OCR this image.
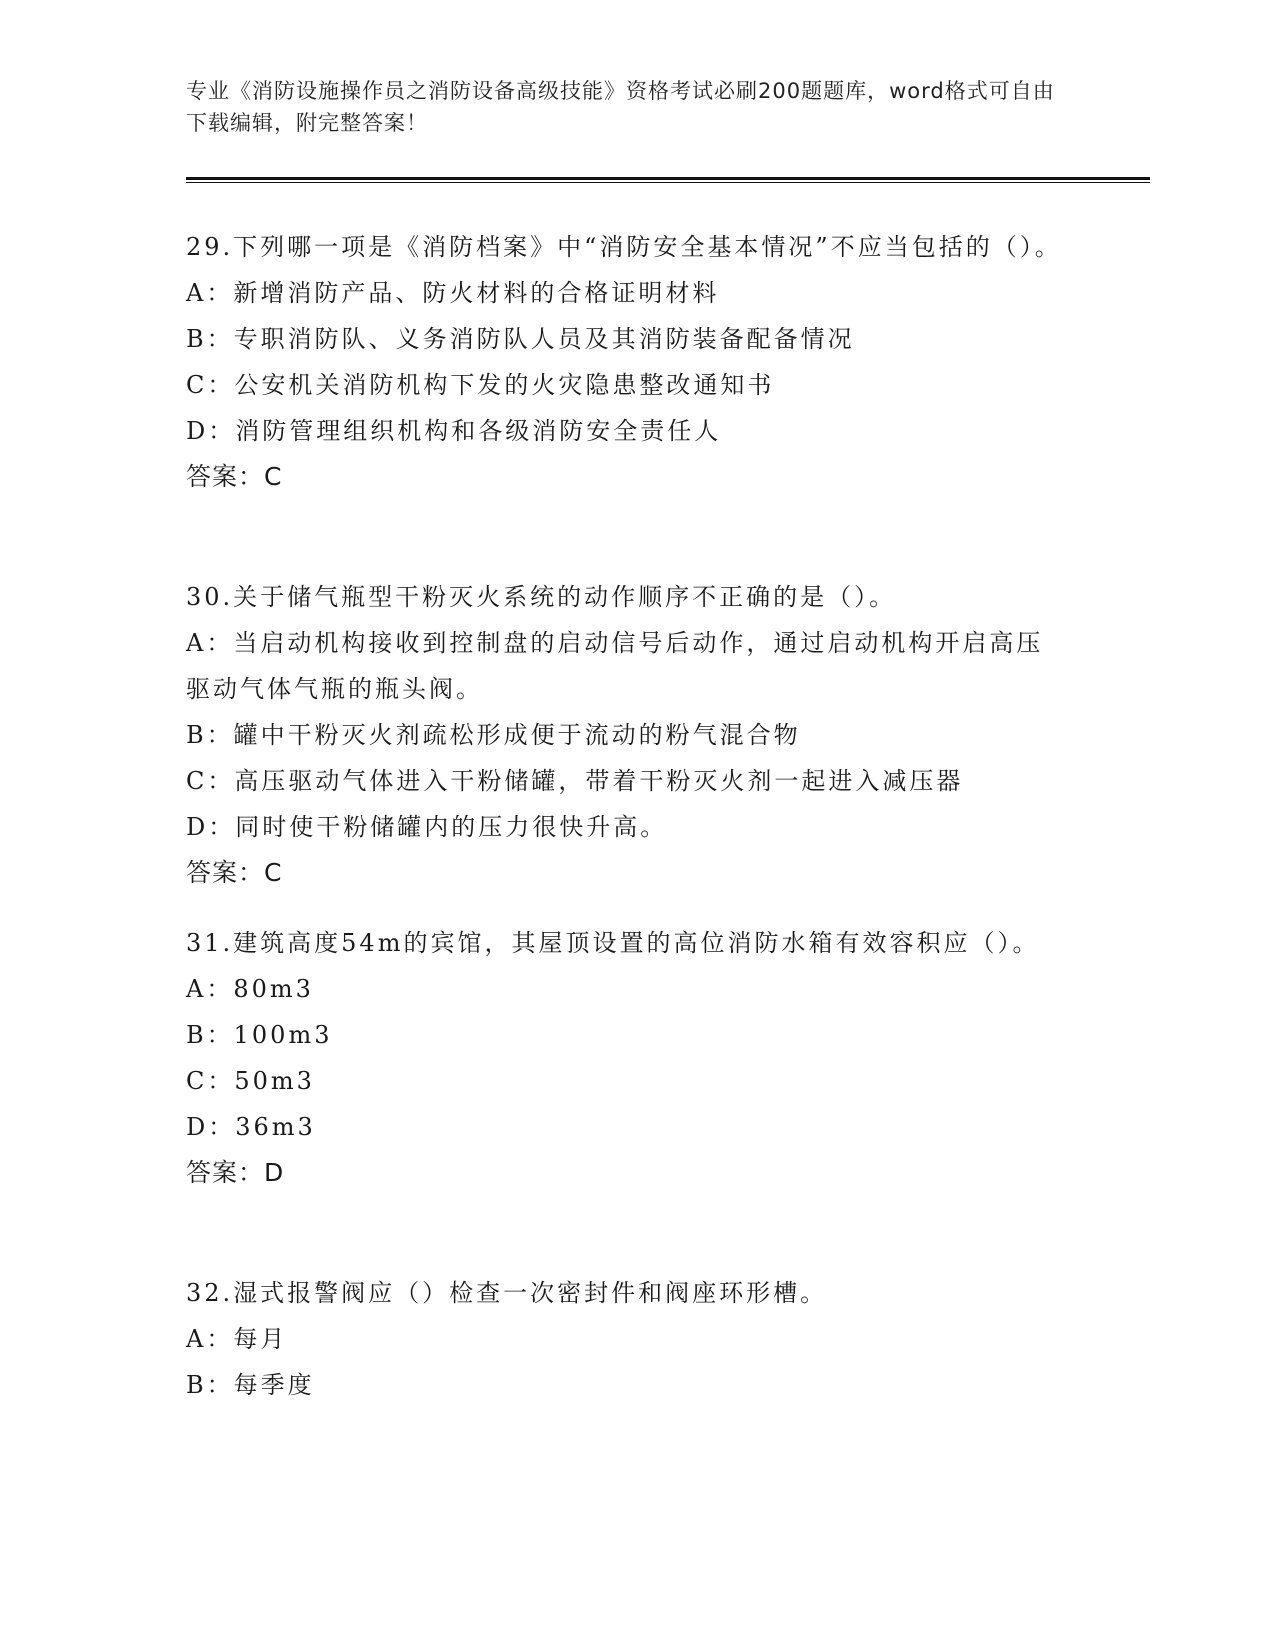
专业《消防设施操作员之消防设备高级技能》资格考试必刷200题题库，word格式可自由下载编辑，附完整答案！

29.下列哪一项是《消防档案》中“消防安全基本情况”不应当包括的（）。

A：新增消防产品、防火材料的合格证明材料

B：专职消防队、义务消防队人员及其消防装备配备情况

C：公安机关消防机构下发的火灾隐患整改通知书

D：消防管理组织机构和各级消防安全责任人

答案：C

30.关于储气瓶型干粉灭火系统的动作顺序不正确的是（）。

A：当启动机构接收到控制盘的启动信号后动作，通过启动机构开启高压驱动气体气瓶的瓶头阀。

B：罐中干粉灭火剂疏松形成便于流动的粉气混合物

C：高压驱动气体进入干粉储罐，带着干粉灭火剂一起进入减压器

D：同时使干粉储罐内的压力很快升高。

答案：C

31.建筑高度54m的宾馆，其屋顶设置的高位消防水箱有效容积应（）。

A：80m3

B：100m3

C：50m3

D：36m3

答案：D

32.湿式报警阀应（）检查一次密封件和阀座环形槽。

A：每月

B：每季度
